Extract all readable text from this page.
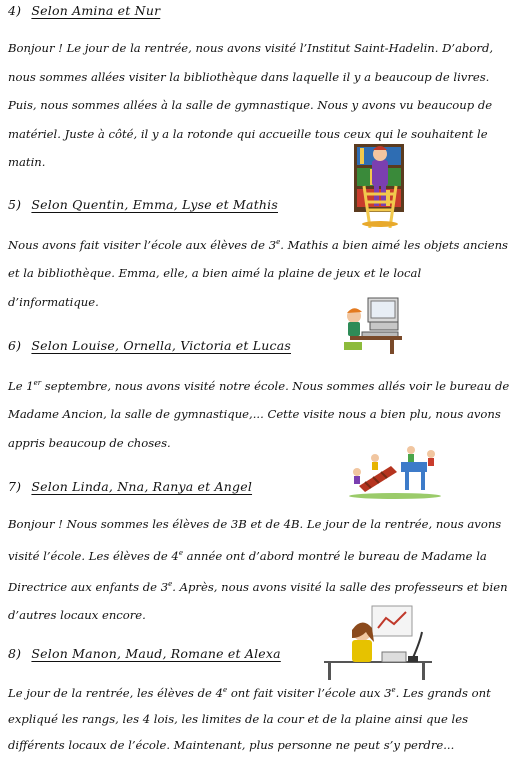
4) Selon Amina et Nur
Bonjour ! Le jour de la rentrée, nous avons visité l’Institut Saint-Hadelin. D’abord, nous sommes allées visiter la bibliothèque dans laquelle il y a beaucoup de livres. Puis, nous sommes allées à la salle de gymnastique. Nous y avons vu beaucoup de matériel. Juste à côté, il y a la rotonde qui accueille tous ceux qui le souhaitent le matin.
5) Selon Quentin, Emma, Lyse et Mathis
Nous avons fait visiter l’école aux élèves de 3e. Mathis a bien aimé les objets anciens et la bibliothèque. Emma, elle, a bien aimé la plaine de jeux et le local d’informatique.
6) Selon Louise, Ornella, Victoria et Lucas
Le 1er septembre, nous avons visité notre école. Nous sommes allés voir le bureau de Madame Ancion, la salle de gymnastique,... Cette visite nous a bien plu, nous avons appris beaucoup de choses.
7) Selon Linda, Nna, Ranya et Angel
Bonjour ! Nous sommes les élèves de 3B et de 4B. Le jour de la rentrée, nous avons visité l’école. Les élèves de 4e année ont d’abord montré le bureau de Madame la Directrice aux enfants de 3e. Après, nous avons visité la salle des professeurs et bien d’autres locaux encore.
8) Selon Manon, Maud, Romane et Alexa
Le jour de la rentrée, les élèves de 4e ont fait visiter l’école aux 3e. Les grands ont expliqué les rangs, les 4 lois, les limites de la cour et de la plaine ainsi que les différents locaux de l’école. Maintenant, plus personne ne peut s’y perdre...
